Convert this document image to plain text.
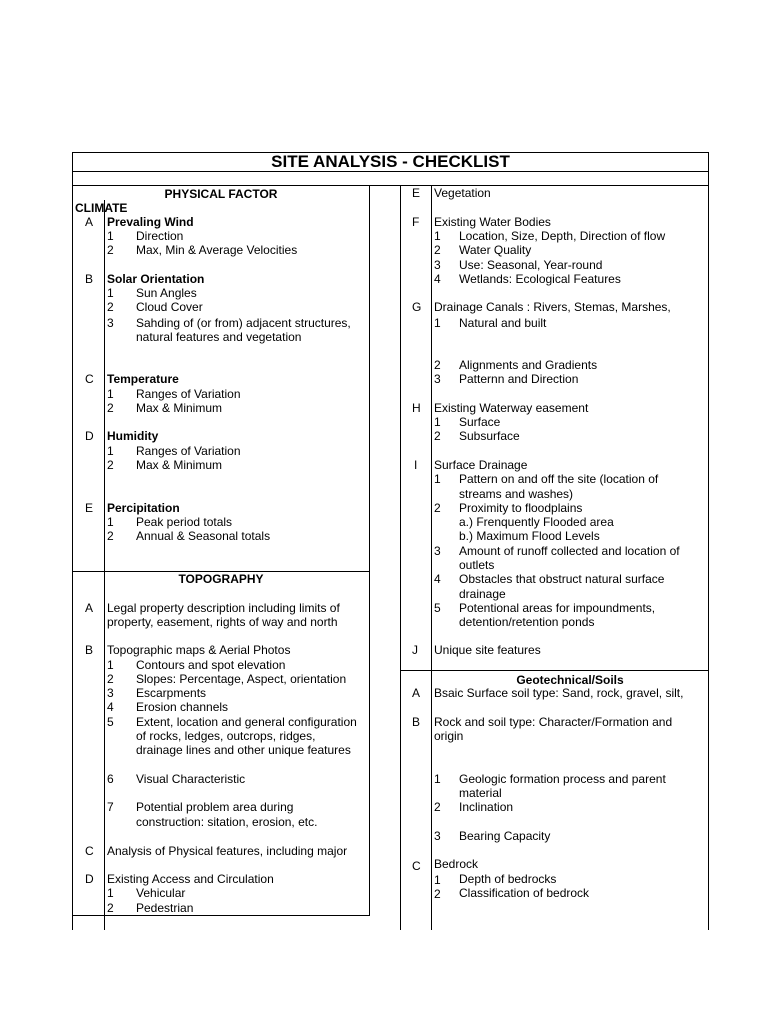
SITE ANALYSIS - CHECKLIST
PHYSICAL FACTOR
CLIMATE
A Prevaling Wind
1 Direction
2 Max, Min & Average Velocities
B Solar Orientation
1 Sun Angles
2 Cloud Cover
3 Sahding of (or from) adjacent structures,
natural features and vegetation
C Temperature
1 Ranges of Variation
2 Max & Minimum
D Humidity
1 Ranges of Variation
2 Max & Minimum
E Percipitation
1 Peak period totals
2 Annual & Seasonal totals
TOPOGRAPHY
A Legal property description including limits of
property, easement, rights of way and north
B Topographic maps & Aerial Photos
1 Contours and spot elevation
2 Slopes: Percentage, Aspect, orientation
3 Escarpments
4 Erosion channels
5 Extent, location and general configuration
of rocks, ledges, outcrops, ridges,
drainage lines and other unique features
6 Visual Characteristic
7 Potential problem area during
construction: sitation, erosion, etc.
C Analysis of Physical features, including major
D Existing Access and Circulation
1 Vehicular
2 Pedestrian
E Vegetation
F Existing Water Bodies
1 Location, Size, Depth, Direction of flow
2 Water Quality
3 Use: Seasonal, Year-round
4 Wetlands: Ecological Features
G Drainage Canals : Rivers, Stemas, Marshes,
1 Natural and built
2 Alignments and Gradients
3 Patternn and Direction
H Existing Waterway easement
1 Surface
2 Subsurface
I Surface Drainage
1 Pattern on and off the site (location of
streams and washes)
2 Proximity to floodplains
a.) Frenquently Flooded area
b.) Maximum Flood Levels
3 Amount of runoff collected and location of
outlets
4 Obstacles that obstruct natural surface
drainage
5 Potentional areas for impoundments,
detention/retention ponds
J Unique site features
Geotechnical/Soils
A Bsaic Surface soil type: Sand, rock, gravel, silt,
B Rock and soil type: Character/Formation and
origin
1 Geologic formation process and parent
material
2 Inclination
3 Bearing Capacity
C Bedrock
1 Depth of bedrocks
2 Classification of bedrock
